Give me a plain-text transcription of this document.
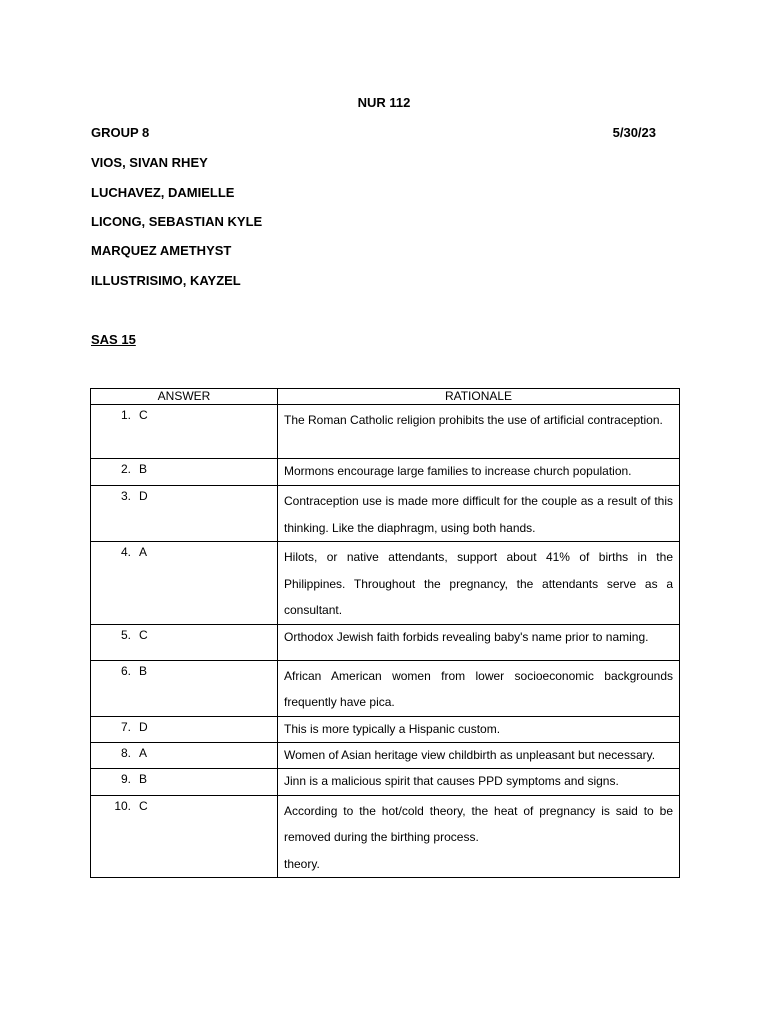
NUR 112
GROUP 8	5/30/23
VIOS, SIVAN RHEY
LUCHAVEZ, DAMIELLE
LICONG, SEBASTIAN KYLE
MARQUEZ AMETHYST
ILLUSTRISIMO, KAYZEL
SAS 15
ANSWER	RATIONALE

1. C	The Roman Catholic religion prohibits the use of artificial contraception.

2. B	Mormons encourage large families to increase church population.

3. D	Contraception use is made more difficult for the couple as a result of this thinking. Like the diaphragm, using both hands.

4. A	Hilots, or native attendants, support about 41% of births in the Philippines. Throughout the pregnancy, the attendants serve as a consultant.

5. C	Orthodox Jewish faith forbids revealing baby's name prior to naming.

6. B	African American women from lower socioeconomic backgrounds frequently have pica.

7. D	This is more typically a Hispanic custom.

8. A	Women of Asian heritage view childbirth as unpleasant but necessary.

9. B	Jinn is a malicious spirit that causes PPD symptoms and signs.

10. C	According to the hot/cold theory, the heat of pregnancy is said to be removed during the birthing process.
theory.
